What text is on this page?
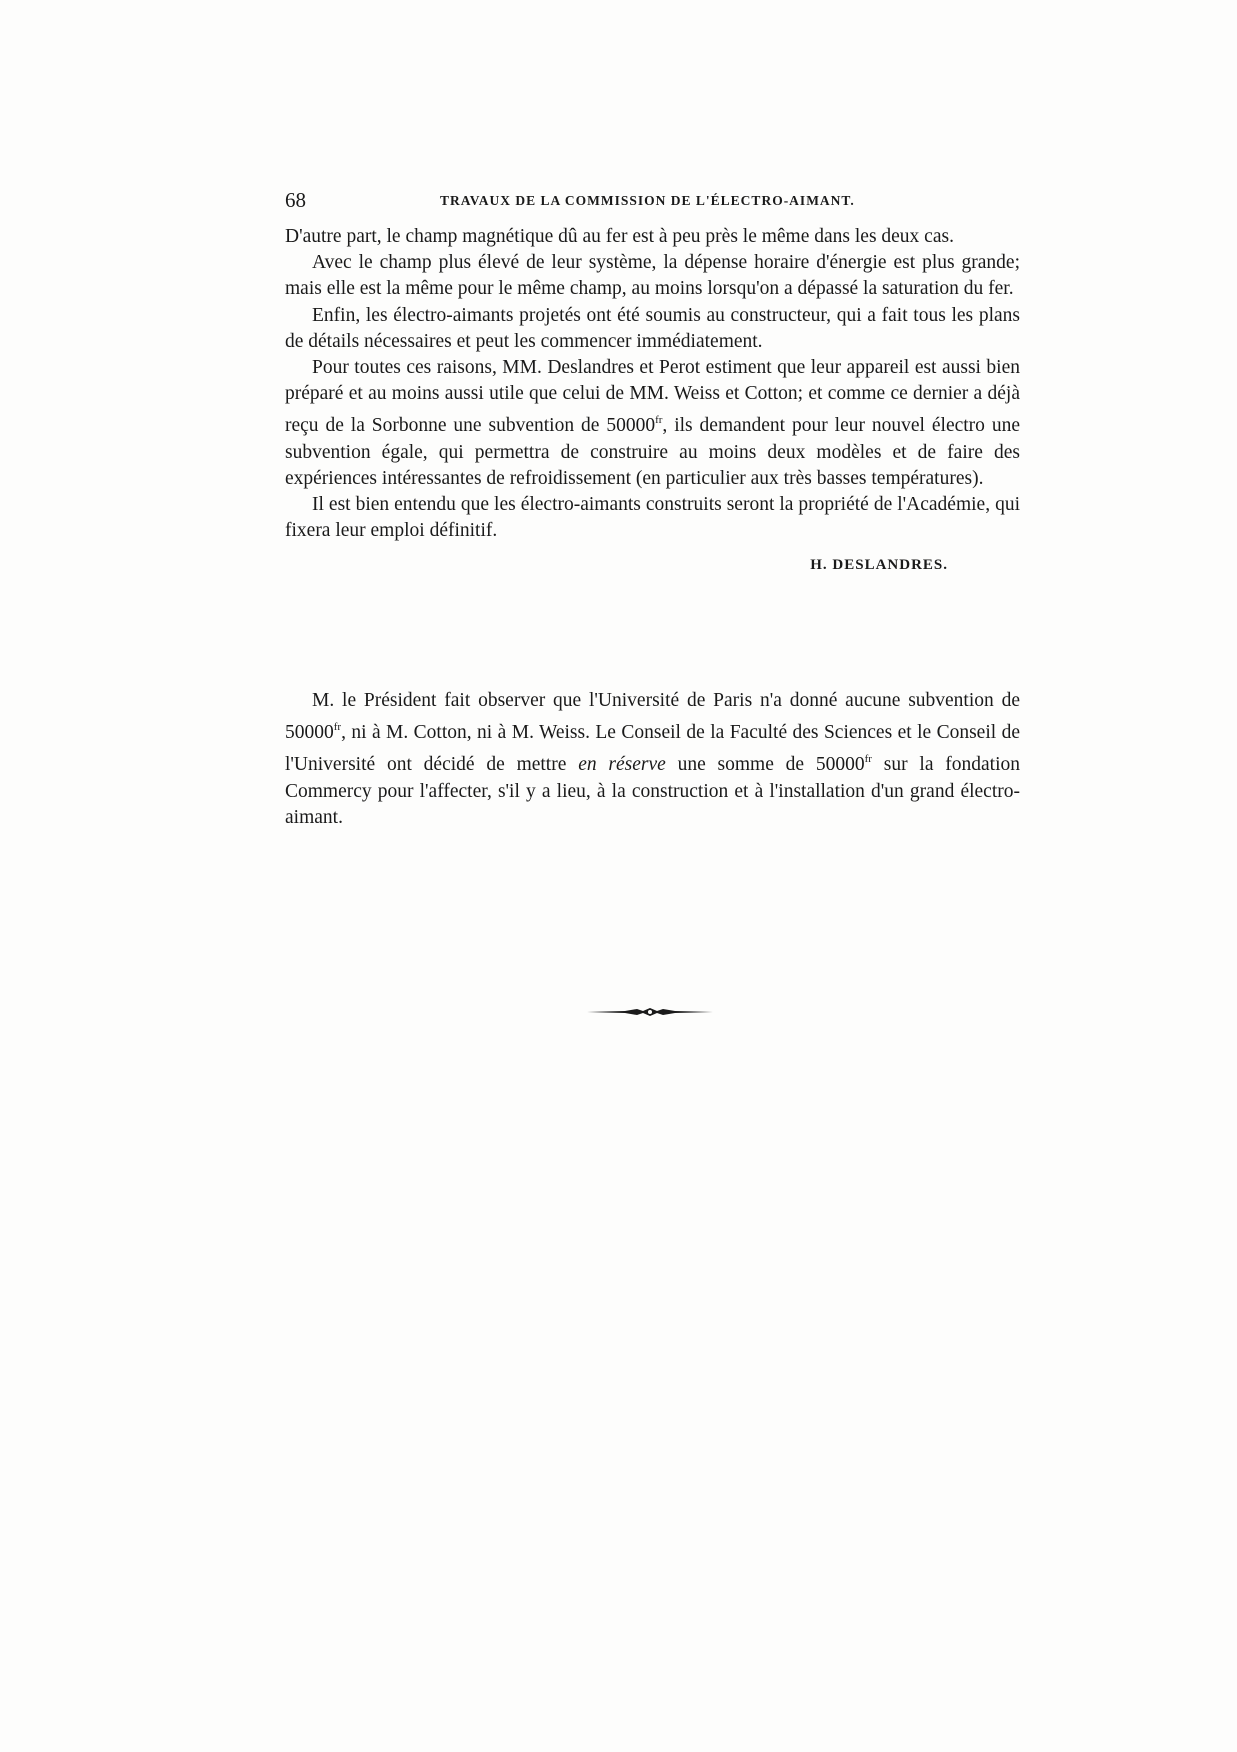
68	TRAVAUX DE LA COMMISSION DE L'ÉLECTRO-AIMANT.

D'autre part, le champ magnétique dû au fer est à peu près le même dans les deux cas.

Avec le champ plus élevé de leur système, la dépense horaire d'énergie est plus grande; mais elle est la même pour le même champ, au moins lorsqu'on a dépassé la saturation du fer.

Enfin, les électro-aimants projetés ont été soumis au constructeur, qui a fait tous les plans de détails nécessaires et peut les commencer immédiatement.

Pour toutes ces raisons, MM. Deslandres et Perot estiment que leur appareil est aussi bien préparé et au moins aussi utile que celui de MM. Weiss et Cotton; et comme ce dernier a déjà reçu de la Sorbonne une subvention de $50000^{fr}$, ils demandent pour leur nouvel électro une subvention égale, qui permettra de construire au moins deux modèles et de faire des expériences intéressantes de refroidissement (en particulier aux très basses températures).

Il est bien entendu que les électro-aimants construits seront la propriété de l'Académie, qui fixera leur emploi définitif.

H. DESLANDRES.

M. le Président fait observer que l'Université de Paris n'a donné aucune subvention de $50000^{fr}$, ni à M. Cotton, ni à M. Weiss. Le Conseil de la Faculté des Sciences et le Conseil de l'Université ont décidé de mettre en réserve une somme de $50000^{fr}$ sur la fondation Commercy pour l'affecter, s'il y a lieu, à la construction et à l'installation d'un grand électro-aimant.
